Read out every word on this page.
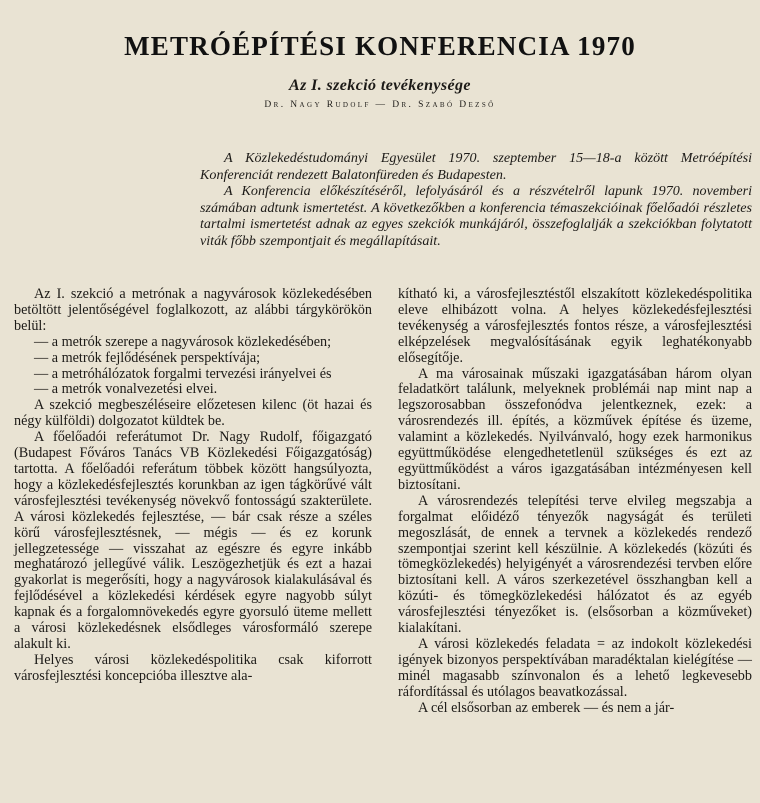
METRÓÉPÍTÉSI KONFERENCIA 1970
Az I. szekció tevékenysége
Dr. Nagy Rudolf — Dr. Szabó Dezső

A Közlekedéstudományi Egyesület 1970. szeptember 15—18-a között Metróépítési Konferenciát rendezett Balatonfüreden és Budapesten.

A Konferencia előkészítéséről, lefolyásáról és a részvételről lapunk 1970. novemberi számában adtunk ismertetést. A következőkben a konferencia témaszekcióinak főelőadói részletes tartalmi ismertetést adnak az egyes szekciók munkájáról, összefoglalják a szekciókban folytatott viták főbb szempontjait és megállapításait.

Az I. szekció a metrónak a nagyvárosok közlekedésében betöltött jelentőségével foglalkozott, az alábbi tárgykörökön belül:

— a metrók szerepe a nagyvárosok közlekedésében;

— a metrók fejlődésének perspektívája;

— a metróhálózatok forgalmi tervezési irányelvei és

— a metrók vonalvezetési elvei.

A szekció megbeszéléseire előzetesen kilenc (öt hazai és négy külföldi) dolgozatot küldtek be.

A főelőadói referátumot Dr. Nagy Rudolf, főigazgató (Budapest Főváros Tanács VB Közlekedési Főigazgatóság) tartotta. A főelőadói referátum többek között hangsúlyozta, hogy a közlekedésfejlesztés korunkban az igen tágkörűvé vált városfejlesztési tevékenység növekvő fontosságú szakterülete. A városi közlekedés fejlesztése, — bár csak része a széles körű városfejlesztésnek, — mégis — és ez korunk jellegzetessége — visszahat az egészre és egyre inkább meghatározó jellegűvé válik. Leszögezhetjük és ezt a hazai gyakorlat is megerősíti, hogy a nagyvárosok kialakulásával és fejlődésével a közlekedési kérdések egyre nagyobb súlyt kapnak és a forgalomnövekedés egyre gyorsuló üteme mellett a városi közlekedésnek elsődleges városformáló szerepe alakult ki.

Helyes városi közlekedéspolitika csak kiforrott városfejlesztési koncepcióba illesztve ala-

kítható ki, a városfejlesztéstől elszakított közlekedéspolitika eleve elhibázott volna. A helyes közlekedésfejlesztési tevékenység a városfejlesztés fontos része, a városfejlesztési elképzelések megvalósításának egyik leghatékonyabb elősegítője.

A ma városainak műszaki igazgatásában három olyan feladatkört találunk, melyeknek problémái nap mint nap a legszorosabban összefonódva jelentkeznek, ezek: a városrendezés ill. építés, a közművek építése és üzeme, valamint a közlekedés. Nyilvánvaló, hogy ezek harmonikus együttműködése elengedhetetlenül szükséges és ezt az együttműködést a város igazgatásában intézményesen kell biztosítani.

A városrendezés telepítési terve elvileg megszabja a forgalmat előidéző tényezők nagyságát és területi megoszlását, de ennek a tervnek a közlekedés rendező szempontjai szerint kell készülnie. A közlekedés (közúti és tömegközlekedés) helyigényét a városrendezési tervben előre biztosítani kell. A város szerkezetével összhangban kell a közúti- és tömegközlekedési hálózatot és az egyéb városfejlesztési tényezőket is. (elsősorban a közműveket) kialakítani.

A városi közlekedés feladata = az indokolt közlekedési igények bizonyos perspektívában maradéktalan kielégítése — minél magasabb színvonalon és a lehető legkevesebb ráfordítással és utólagos beavatkozással.

A cél elsősorban az emberek — és nem a jár-
